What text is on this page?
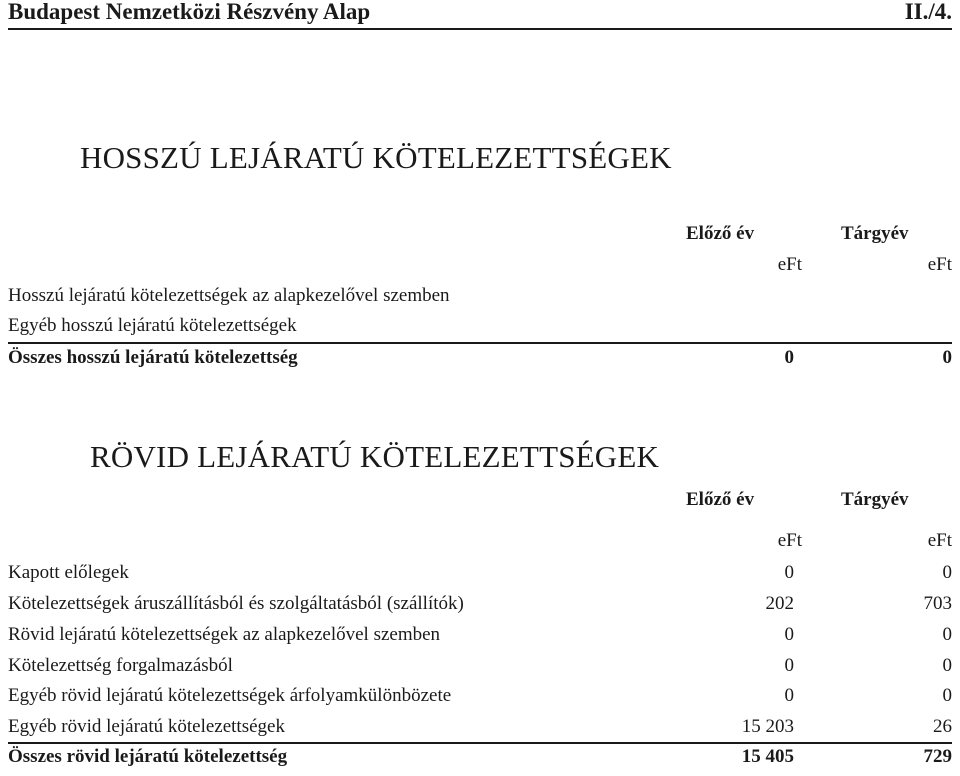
Budapest Nemzetközi Részvény Alap	II./4.
HOSSZÚ LEJÁRATÚ KÖTELEZETTSÉGEK
Előző év	Tárgyév
eFt	eFt
Hosszú lejáratú kötelezettségek az alapkezelővel szemben
Egyéb hosszú lejáratú kötelezettségek
Összes hosszú lejáratú kötelezettség	0	0
RÖVID LEJÁRATÚ KÖTELEZETTSÉGEK
Előző év	Tárgyév
eFt	eFt
Kapott előlegek	0	0
Kötelezettségek áruszállításból és szolgáltatásból (szállítók)	202	703
Rövid lejáratú kötelezettségek az alapkezelővel szemben	0	0
Kötelezettség forgalmazásból	0	0
Egyéb rövid lejáratú kötelezettségek árfolyamkülönbözete	0	0
Egyéb rövid lejáratú kötelezettségek	15 203	26
Összes rövid lejáratú kötelezettség	15 405	729
